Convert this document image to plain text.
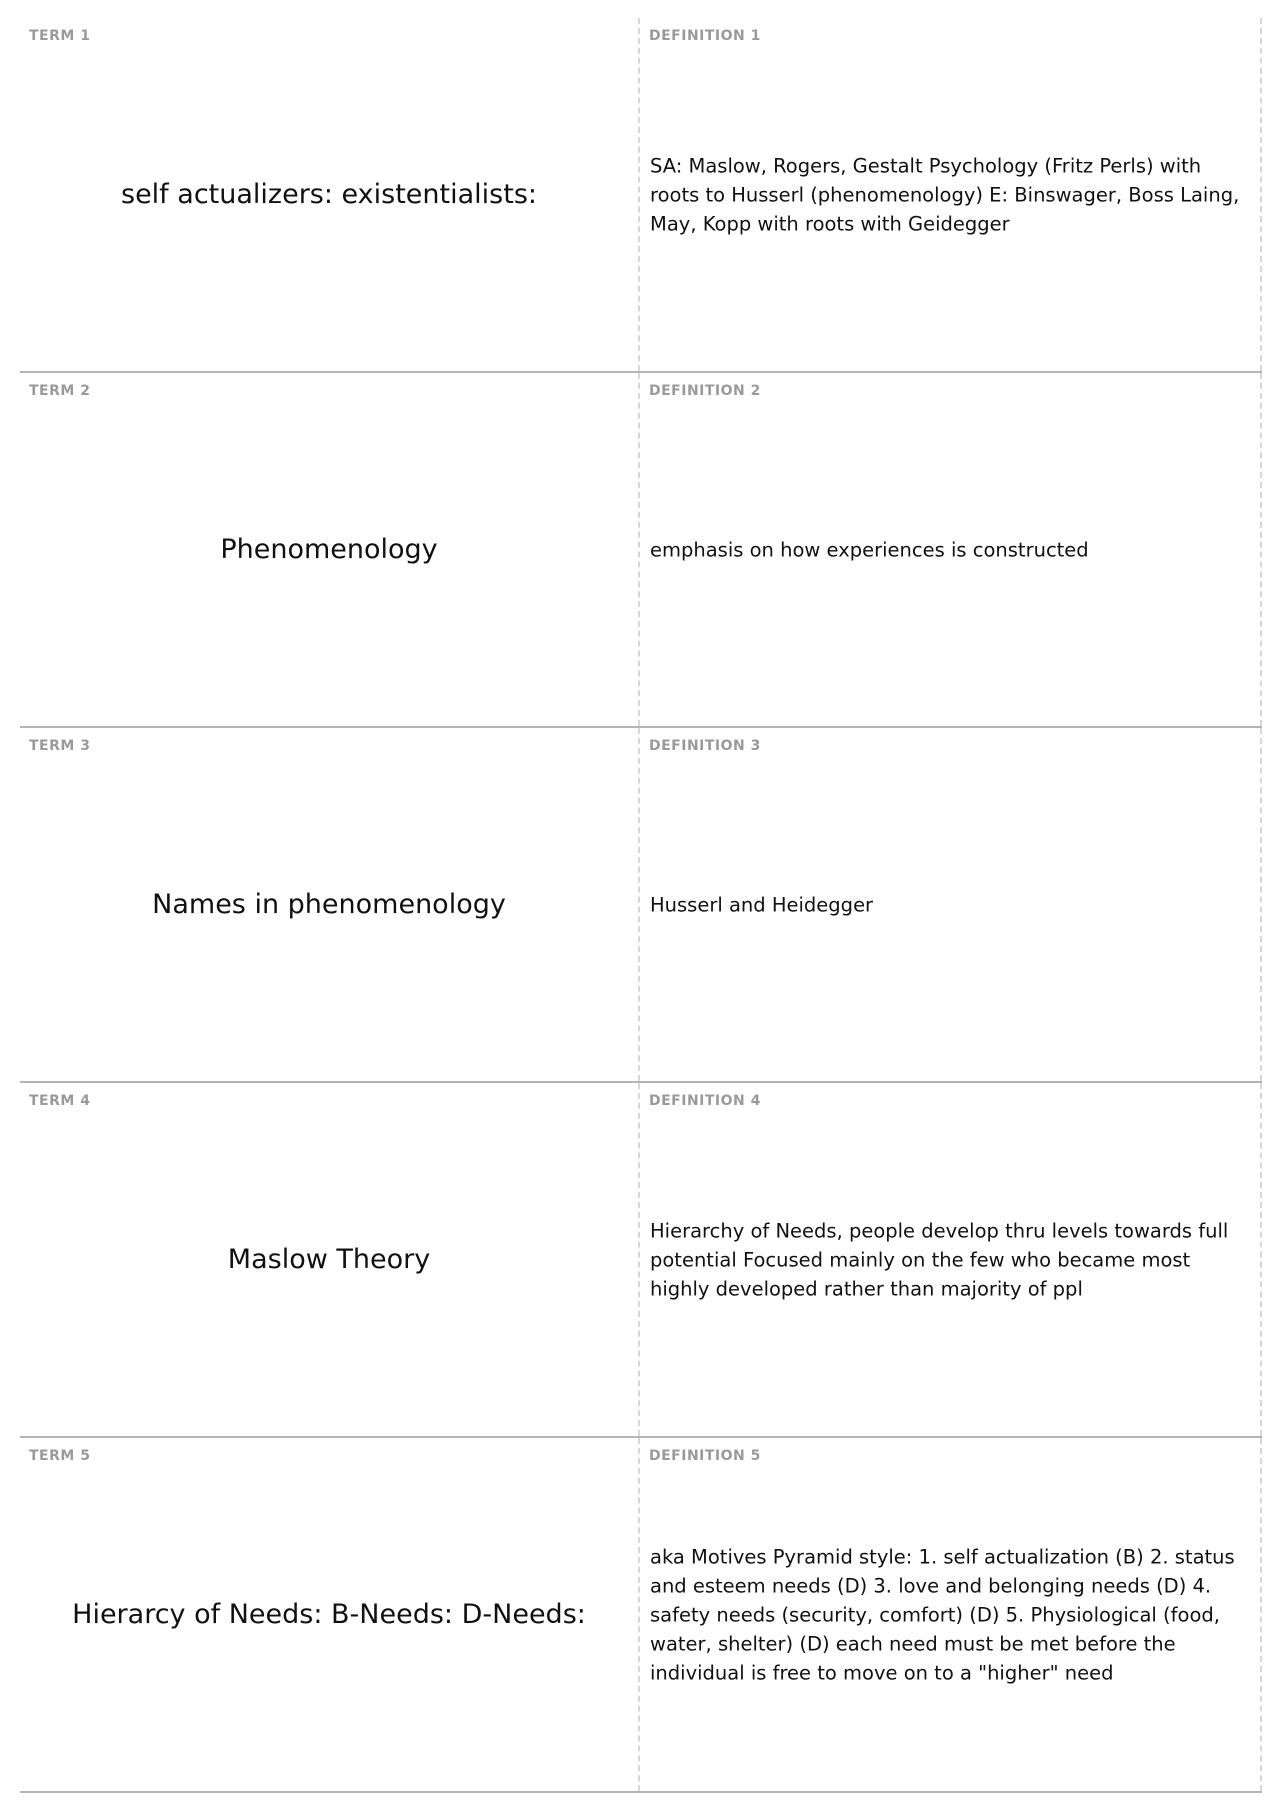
TERM 1
self actualizers: existentialists:
DEFINITION 1
SA: Maslow, Rogers, Gestalt Psychology (Fritz Perls) with roots to Husserl (phenomenology) E: Binswager, Boss Laing, May, Kopp with roots with Geidegger
TERM 2
Phenomenology
DEFINITION 2
emphasis on how experiences is constructed
TERM 3
Names in phenomenology
DEFINITION 3
Husserl and Heidegger
TERM 4
Maslow Theory
DEFINITION 4
Hierarchy of Needs, people develop thru levels towards full potential Focused mainly on the few who became most highly developed rather than majority of ppl
TERM 5
Hierarcy of Needs: B-Needs: D-Needs:
DEFINITION 5
aka Motives Pyramid style: 1. self actualization (B) 2. status and esteem needs (D) 3. love and belonging needs (D) 4. safety needs (security, comfort) (D) 5. Physiological (food, water, shelter) (D) each need must be met before the individual is free to move on to a "higher" need
